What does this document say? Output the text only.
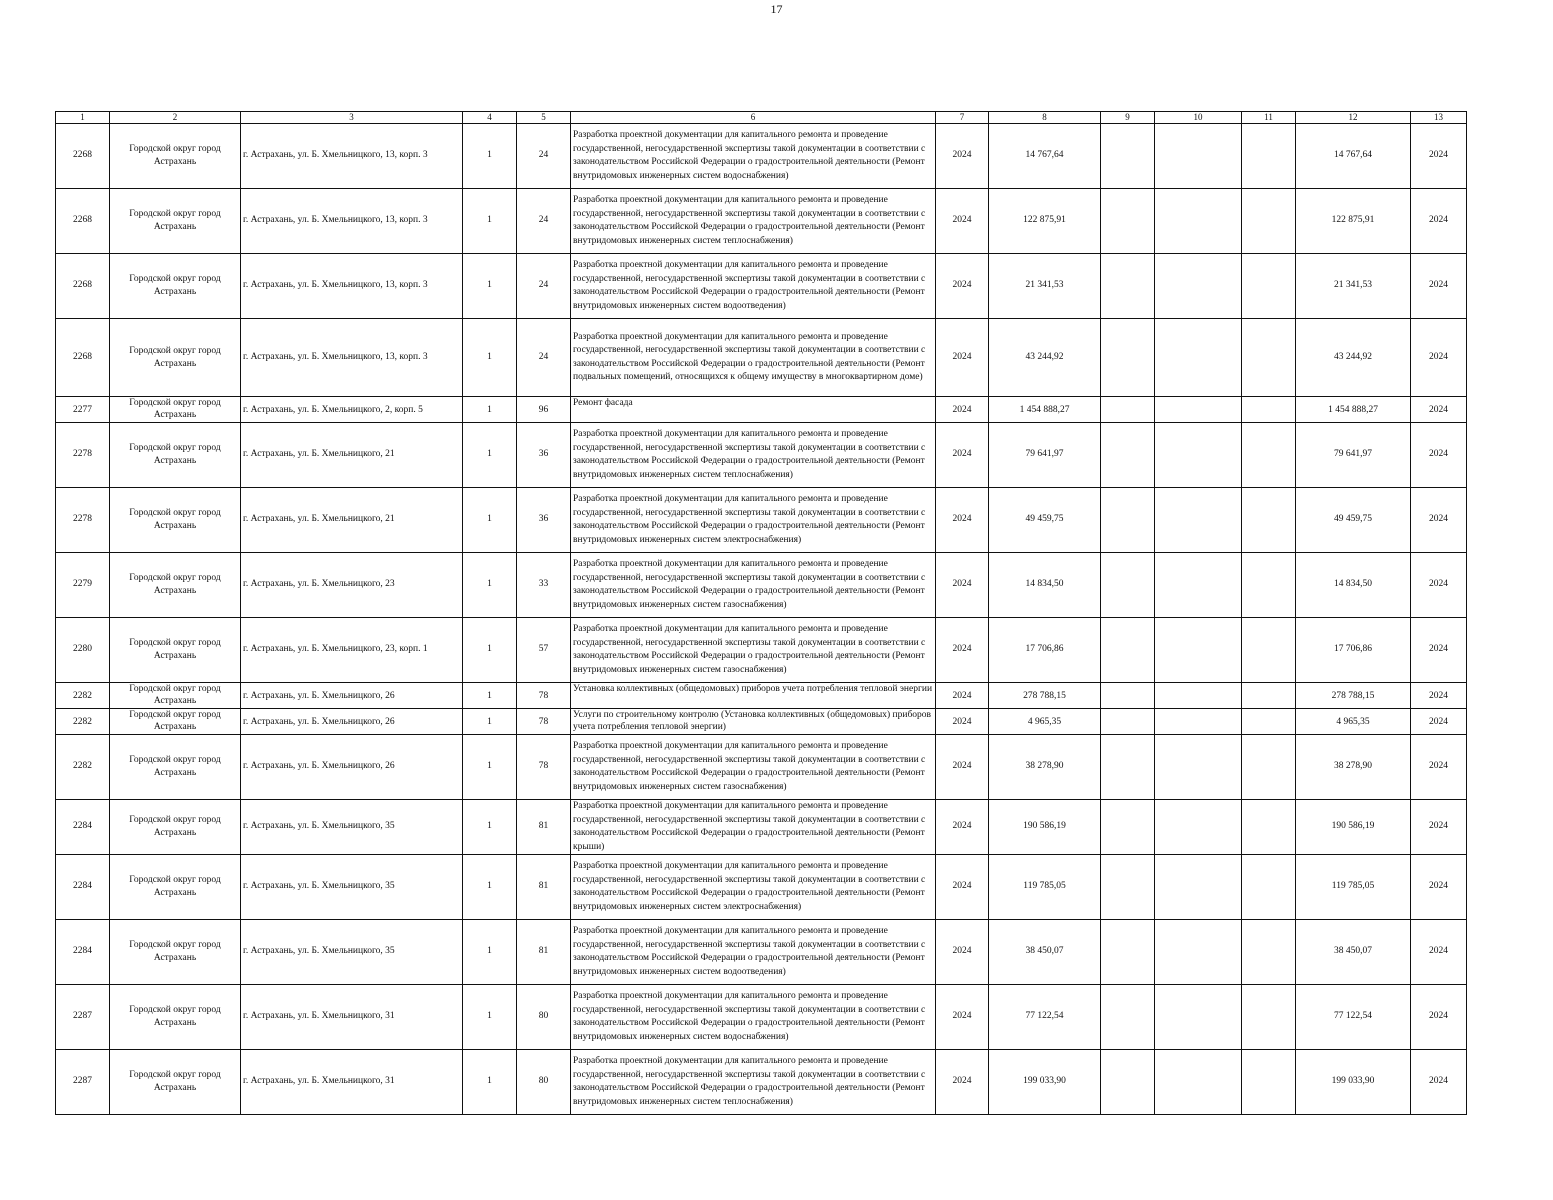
17
1	2	3	4	5	6	7	8	9	10	11	12	13
2268	Городской округ город Астрахань	г. Астрахань, ул. Б. Хмельницкого, 13, корп. 3	1	24	Разработка проектной документации для капитального ремонта и проведение государственной, негосударственной экспертизы такой документации в соответствии с законодательством Российской Федерации о градостроительной деятельности (Ремонт внутридомовых инженерных систем водоснабжения)	2024	14 767,64				14 767,64	2024
2268	Городской округ город Астрахань	г. Астрахань, ул. Б. Хмельницкого, 13, корп. 3	1	24	Разработка проектной документации для капитального ремонта и проведение государственной, негосударственной экспертизы такой документации в соответствии с законодательством Российской Федерации о градостроительной деятельности (Ремонт внутридомовых инженерных систем теплоснабжения)	2024	122 875,91				122 875,91	2024
2268	Городской округ город Астрахань	г. Астрахань, ул. Б. Хмельницкого, 13, корп. 3	1	24	Разработка проектной документации для капитального ремонта и проведение государственной, негосударственной экспертизы такой документации в соответствии с законодательством Российской Федерации о градостроительной деятельности (Ремонт внутридомовых инженерных систем водоотведения)	2024	21 341,53				21 341,53	2024
2268	Городской округ город Астрахань	г. Астрахань, ул. Б. Хмельницкого, 13, корп. 3	1	24	Разработка проектной документации для капитального ремонта и проведение государственной, негосударственной экспертизы такой документации в соответствии с законодательством Российской Федерации о градостроительной деятельности (Ремонт подвальных помещений, относящихся к общему имуществу в многоквартирном доме)	2024	43 244,92				43 244,92	2024
2277	Городской округ город Астрахань	г. Астрахань, ул. Б. Хмельницкого, 2, корп. 5	1	96	Ремонт фасада	2024	1 454 888,27				1 454 888,27	2024
2278	Городской округ город Астрахань	г. Астрахань, ул. Б. Хмельницкого, 21	1	36	Разработка проектной документации для капитального ремонта и проведение государственной, негосударственной экспертизы такой документации в соответствии с законодательством Российской Федерации о градостроительной деятельности (Ремонт внутридомовых инженерных систем теплоснабжения)	2024	79 641,97				79 641,97	2024
2278	Городской округ город Астрахань	г. Астрахань, ул. Б. Хмельницкого, 21	1	36	Разработка проектной документации для капитального ремонта и проведение государственной, негосударственной экспертизы такой документации в соответствии с законодательством Российской Федерации о градостроительной деятельности (Ремонт внутридомовых инженерных систем электроснабжения)	2024	49 459,75				49 459,75	2024
2279	Городской округ город Астрахань	г. Астрахань, ул. Б. Хмельницкого, 23	1	33	Разработка проектной документации для капитального ремонта и проведение государственной, негосударственной экспертизы такой документации в соответствии с законодательством Российской Федерации о градостроительной деятельности (Ремонт внутридомовых инженерных систем газоснабжения)	2024	14 834,50				14 834,50	2024
2280	Городской округ город Астрахань	г. Астрахань, ул. Б. Хмельницкого, 23, корп. 1	1	57	Разработка проектной документации для капитального ремонта и проведение государственной, негосударственной экспертизы такой документации в соответствии с законодательством Российской Федерации о градостроительной деятельности (Ремонт внутридомовых инженерных систем газоснабжения)	2024	17 706,86				17 706,86	2024
2282	Городской округ город Астрахань	г. Астрахань, ул. Б. Хмельницкого, 26	1	78	Установка коллективных (общедомовых) приборов учета потребления тепловой энергии	2024	278 788,15				278 788,15	2024
2282	Городской округ город Астрахань	г. Астрахань, ул. Б. Хмельницкого, 26	1	78	Услуги по строительному контролю (Установка коллективных (общедомовых) приборов учета потребления тепловой энергии)	2024	4 965,35				4 965,35	2024
2282	Городской округ город Астрахань	г. Астрахань, ул. Б. Хмельницкого, 26	1	78	Разработка проектной документации для капитального ремонта и проведение государственной, негосударственной экспертизы такой документации в соответствии с законодательством Российской Федерации о градостроительной деятельности (Ремонт внутридомовых инженерных систем газоснабжения)	2024	38 278,90				38 278,90	2024
2284	Городской округ город Астрахань	г. Астрахань, ул. Б. Хмельницкого, 35	1	81	Разработка проектной документации для капитального ремонта и проведение государственной, негосударственной экспертизы такой документации в соответствии с законодательством Российской Федерации о градостроительной деятельности (Ремонт крыши)	2024	190 586,19				190 586,19	2024
2284	Городской округ город Астрахань	г. Астрахань, ул. Б. Хмельницкого, 35	1	81	Разработка проектной документации для капитального ремонта и проведение государственной, негосударственной экспертизы такой документации в соответствии с законодательством Российской Федерации о градостроительной деятельности (Ремонт внутридомовых инженерных систем электроснабжения)	2024	119 785,05				119 785,05	2024
2284	Городской округ город Астрахань	г. Астрахань, ул. Б. Хмельницкого, 35	1	81	Разработка проектной документации для капитального ремонта и проведение государственной, негосударственной экспертизы такой документации в соответствии с законодательством Российской Федерации о градостроительной деятельности (Ремонт внутридомовых инженерных систем водоотведения)	2024	38 450,07				38 450,07	2024
2287	Городской округ город Астрахань	г. Астрахань, ул. Б. Хмельницкого, 31	1	80	Разработка проектной документации для капитального ремонта и проведение государственной, негосударственной экспертизы такой документации в соответствии с законодательством Российской Федерации о градостроительной деятельности (Ремонт внутридомовых инженерных систем водоснабжения)	2024	77 122,54				77 122,54	2024
2287	Городской округ город Астрахань	г. Астрахань, ул. Б. Хмельницкого, 31	1	80	Разработка проектной документации для капитального ремонта и проведение государственной, негосударственной экспертизы такой документации в соответствии с законодательством Российской Федерации о градостроительной деятельности (Ремонт внутридомовых инженерных систем теплоснабжения)	2024	199 033,90				199 033,90	2024
